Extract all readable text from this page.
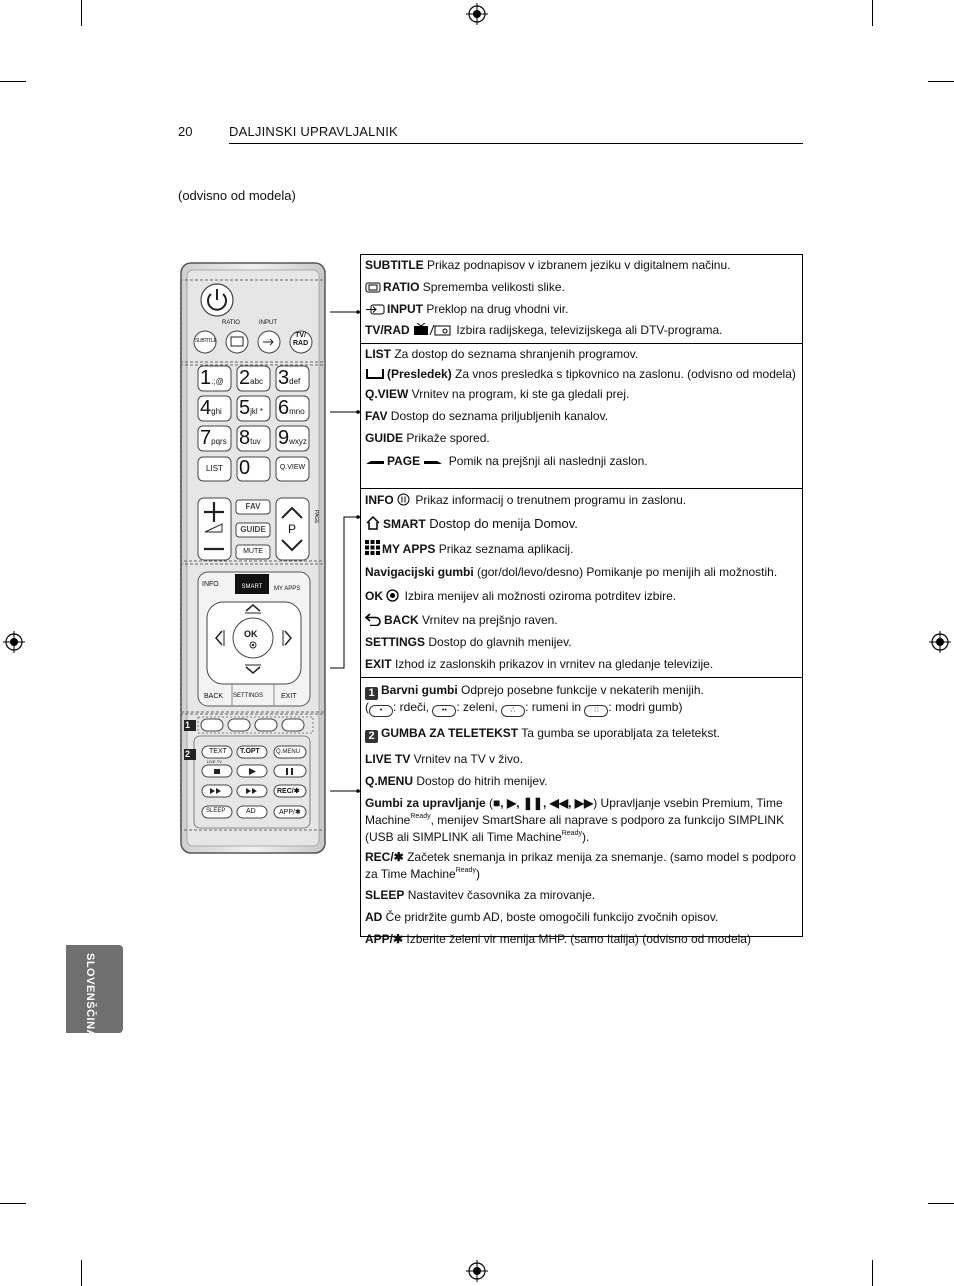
20	DALJINSKI UPRAVLJALNIK
(odvisno od modela)
SLOVENŠČINA
RATIO	INPUT
SUBTITLE
TV/
RAD
1.;@ 2abc 3def
4ghi 5jkl * 6mno
7pqrs 8tuv 9wxyz
LIST 0	Q.VIEW
FAV
GUIDE
MUTE
P
PAGE
INFO	SMART	MY APPS
OK
BACK SETTINGS	EXIT
1
2	TEXT T.OPT	Q.MENU
LIVE TV
REC/✱
SLEEP	AD	APP/✱
SUBTITLE Prikaz podnapisov v izbranem jeziku v digitalnem načinu.
RATIO Sprememba velikosti slike.
INPUT Preklop na drug vhodni vir.
TV/RAD	Izbira radijskega, televizijskega ali DTV-programa.
LIST Za dostop do seznama shranjenih programov.
(Presledek) Za vnos presledka s tipkovnico na zaslonu. (odvisno od modela)
Q.VIEW Vrnitev na program, ki ste ga gledali prej.
FAV Dostop do seznama priljubljenih kanalov.
GUIDE Prikaže spored.
PAGE  Pomik na prejšnji ali naslednji zaslon.
INFO  Prikaz informacij o trenutnem programu in zaslonu.
SMART Dostop do menija Domov.
MY APPS Prikaz seznama aplikacij.
Navigacijski gumbi (gor/dol/levo/desno) Pomikanje po menijih ali možnostih.
OK  Izbira menijev ali možnosti oziroma potrditev izbire.
BACK Vrnitev na prejšnjo raven.
SETTINGS Dostop do glavnih menijev.
EXIT Izhod iz zaslonskih prikazov in vrnitev na gledanje televizije.
1 Barvni gumbi Odprejo posebne funkcije v nekaterih menijih.
( • : rdeči, •• : zeleni, ∴ : rumeni in ∷ : modri gumb)
2 GUMBA ZA TELETEKST Ta gumba se uporabljata za teletekst.
LIVE TV Vrnitev na TV v živo.
Q.MENU Dostop do hitrih menijev.
Gumbi za upravljanje (■, ▶, ❚❚, ◀◀, ▶▶) Upravljanje vsebin Premium, Time Machine$^{Ready}$, menijev SmartShare ali naprave s podporo za funkcijo SIMPLINK (USB ali SIMPLINK ali Time Machine$^{Ready}$).
REC/✱ Začetek snemanja in prikaz menija za snemanje. (samo model s podporo za Time Machine$^{Ready}$)
SLEEP Nastavitev časovnika za mirovanje.
AD Če pridržite gumb AD, boste omogočili funkcijo zvočnih opisov.
APP/✱ Izberite želeni vir menija MHP. (samo Italija) (odvisno od modela)
